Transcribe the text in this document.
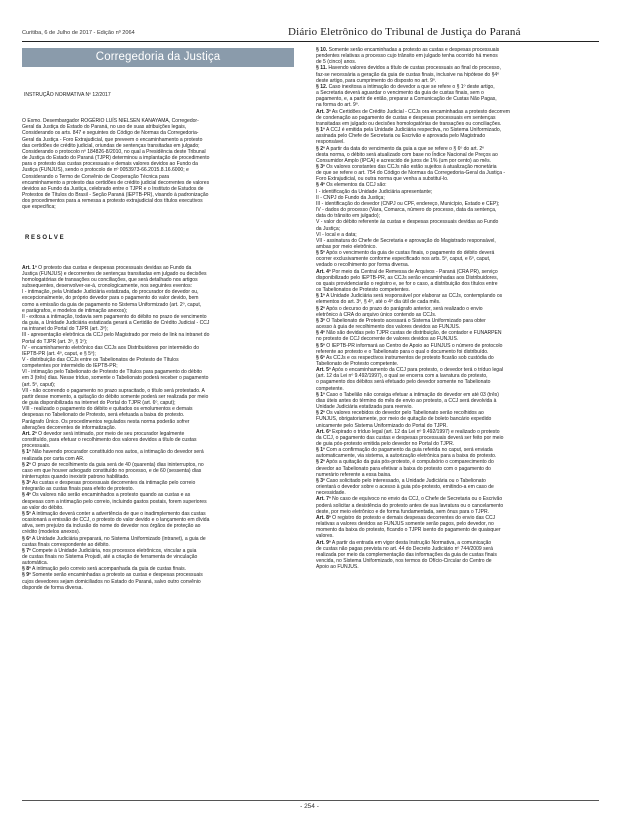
Curitiba, 6 de Julho de 2017 - Edição nº 2064	Diário Eletrônico do Tribunal de Justiça do Paraná
Corregedoria da Justiça

INSTRUÇÃO NORMATIVA Nº 12/2017

O Exmo. Desembargador ROGÉRIO LUÍS NIELSEN KANAYAMA, Corregedor-
Geral da Justiça do Estado do Paraná, no uso de suas atribuições legais,
Considerando os arts. 847 e seguintes do Código de Normas da Corregedoria-
Geral da Justiça - Foro Extrajudicial, que preveem o encaminhamento a protesto
das certidões de crédito judicial, oriundas de sentenças transitadas em julgado;
Considerando o protocolo nº 184826-8/2010, no qual a Presidência deste Tribunal
de Justiça do Estado do Paraná (TJPR) determinou a implantação de procedimento
para o protesto das custas processuais e demais valores devidos ao Fundo da
Justiça (FUNJUS), sendo o protocolo de nº 0053973-66.2015.8.16.6000; e
Considerando o Termo de Convênio de Cooperação Técnica para
encaminhamento a protesto das certidões de crédito judicial decorrentes de valores
devidos ao Fundo da Justiça, celebrado entre o TJPR e o Instituto de Estudos de
Protestos de Títulos do Brasil - Seção Paraná (IEPTB-PR), visando à padronização
dos procedimentos para a remessa a protesto extrajudicial dos títulos executivos
que especifica;

R E S O L V E

Art. 1º O protesto das custas e despesas processuais devidas ao Fundo da
Justiça (FUNJUS) e decorrentes de sentenças transitadas em julgado ou decisões
homologatórias de transações ou conciliações, que será detalhado nos artigos
subsequentes, desenvolver-se-á, cronologicamente, nos seguintes eventos:
I - intimação, pela Unidade Judiciária estatizada, do procurador do devedor ou,
excepcionalmente, do próprio devedor para o pagamento do valor devido, bem
como a emissão da guia de pagamento no Sistema Uniformizado (art. 2º, caput,
e parágrafos, e modelos de intimação anexos);
II - exitosa a intimação, todavia sem pagamento do débito no prazo de vencimento
da guia, a Unidade Judiciária estatizada gerará a Certidão de Crédito Judicial - CCJ
na intranet do Portal do TJPR (art. 3º);
III - apresentação eletrônica da CCJ pelo Magistrado por meio de link na intranet do
Portal do TJPR (art. 3º, § 1º);
IV - encaminhamento eletrônico das CCJs aos Distribuidores por intermédio do
IEPTB-PR (art. 4º, caput, e § 5º);
V - distribuição das CCJs entre os Tabelionatos de Protesto de Títulos
competentes por intermédio do IEPTB-PR;
VI - intimação pelo Tabelionato de Protesto de Títulos para pagamento do débito
em 3 (três) dias. Nesse tríduo, somente o Tabelionato poderá receber o pagamento
(art. 5º, caput);
VII - não ocorrendo o pagamento no prazo supracitado, o título será protestado. A
partir desse momento, a quitação do débito somente poderá ser realizada por meio
de guia disponibilizada na internet do Portal do TJPR (art. 6º, caput);
VIII - realizado o pagamento do débito e quitados os emolumentos e demais
despesas no Tabelionato de Protesto, será efetuada a baixa do protesto.
Parágrafo Único. Os procedimentos regulados nesta norma poderão sofrer
alterações decorrentes de informatização.
Art. 2º O devedor será intimado, por meio de seu procurador legalmente
constituído, para efetuar o recolhimento dos valores devidos a título de custas
processuais.
§ 1º Não havendo procurador constituído nos autos, a intimação do devedor será
realizada por carta com AR.
§ 2º O prazo de recolhimento da guia será de 40 (quarenta) dias ininterruptos, no
caso em que houver advogado constituído no processo, e de 60 (sessenta) dias
ininterruptos quando inexistir patrono habilitado.
§ 3º As custas e despesas processuais decorrentes da intimação pelo correio
integrarão as custas finais para efeito de protesto.
§ 4º Os valores não serão encaminhados a protesto quando as custas e as
despesas com a intimação pelo correio, incluindo gastos postais, forem superiores
ao valor do débito.
§ 5º A intimação deverá conter a advertência de que o inadimplemento das custas
ocasionará a emissão de CCJ, o protesto do valor devido e o lançamento em dívida
ativa, sem prejuízo da inclusão do nome do devedor nos órgãos de proteção ao
crédito (modelos anexos).
§ 6º A Unidade Judiciária preparará, no Sistema Uniformizado (intranet), a guia de
custas finais correspondente ao débito.
§ 7º Compete à Unidade Judiciária, nos processos eletrônicos, vincular a guia
de custas finais no Sistema Projudi, até a criação de ferramenta de vinculação
automática.
§ 8º A intimação pelo correio será acompanhada da guia de custas finais.
§ 9º Somente serão encaminhadas a protesto as custas e despesas processuais
cujos devedores sejam domiciliados no Estado do Paraná, salvo outro convênio
disponde de forma diversa.
§ 10. Somente serão encaminhadas a protesto as custas e despesas processuais
pendentes relativas a processo cujo trânsito em julgado tenha ocorrido há menos
de 5 (cinco) anos.
§ 11. Havendo valores devidos a título de custas processuais ao final do processo,
faz-se necessária a geração da guia de custas finais, inclusive na hipótese do §4º
deste artigo, para cumprimento do disposto no art. 9º.
§ 12. Caso inexitosa a intimação do devedor a que se refere o § 1º deste artigo,
a Secretaria deverá aguardar o vencimento da guia de custas finais, sem o
pagamento, e, a partir de então, preparar a Comunicação de Custas Não Pagas,
na forma do art. 9º.
Art. 3º As Certidões de Crédito Judicial - CCJs ora encaminhadas a protesto decorrem
de condenação ao pagamento de custas e despesas processuais em sentenças
transitadas em julgado ou decisões homologatórias de transações ou conciliações.
§ 1º A CCJ é emitida pela Unidade Judiciária respectiva, no Sistema Uniformizado,
assinada pelo Chefe de Secretaria ou Escrivão e aprovada pelo Magistrado
responsável.
§ 2º A partir da data do vencimento da guia a que se refere o § 6º do art. 2º
desta norma, o débito será atualizado com base no Índice Nacional de Preços ao
Consumidor Amplo (IPCA) e acrescido de juros de 1% (um por cento) ao mês.
§ 3º Os valores constantes das CCJs não estão sujeitos à atualização monetária
de que se refere o art. 754 do Código de Normas da Corregedoria-Geral da Justiça -
Foro Extrajudicial, ou outra norma que venha a substituí-lo.
§ 4º Os elementos da CCJ são:
I - identificação da Unidade Judiciária apresentante;
II - CNPJ do Fundo da Justiça;
III - identificação do devedor (CNPJ ou CPF, endereço, Município, Estado e CEP);
IV - dados do processo (Vara, Comarca, número do processo, data da sentença,
data do trânsito em julgado);
V - valor do débito referente às custas e despesas processuais devidas ao Fundo
da Justiça;
VI - local e a data;
VII - assinatura do Chefe de Secretaria e aprovação do Magistrado responsável,
ambas por meio eletrônico.
§ 5º Após o vencimento da guia de custas finais, o pagamento do débito deverá
ocorrer exclusivamente conforme especificado nos arts. 5º, caput, e 6º, caput,
vedado o recolhimento por forma diversa.
Art. 4º Por meio da Central de Remessa de Arquivos - Paraná (CRA PR), serviço
disponibilizado pelo IEPTB-PR, as CCJs serão encaminhadas aos Distribuidores,
os quais providenciarão o registro e, se for o caso, a distribuição dos títulos entre
os Tabelionatos de Protesto competentes.
§ 1º A Unidade Judiciária será responsável por elaborar as CCJs, contemplando os
elementos do art. 3º, § 4º, até o 4º dia útil de cada mês.
§ 2º Após o decurso do prazo do parágrafo anterior, será realizado o envio
eletrônico à CRA do arquivo único contendo as CCJs.
§ 3º O Tabelionato de Protesto acessará o Sistema Uniformizado para obter
acesso à guia de recolhimento dos valores devidos ao FUNJUS.
§ 4º Não são devidas pelo TJPR custas de distribuição, de contador e FUNARPEN
no protesto de CCJ decorrente de valores devidos ao FUNJUS.
§ 5º O IEPTB-PR informará ao Centro de Apoio ao FUNJUS o número de protocolo
referente ao protesto e o Tabelionato para o qual o documento foi distribuído.
§ 6º As CCJs e os respectivos instrumentos de protesto ficarão sob custódia do
Tabelionato de Protesto competente.
Art. 5º Após o encaminhamento da CCJ para protesto, o devedor terá o tríduo legal
(art. 12 da Lei nº 9.492/1997), o qual se encerra com a lavratura do protesto,
o pagamento dos débitos será efetuado pelo devedor somente no Tabelionato
competente.
§ 1º Caso o Tabelião não consiga efetuar a intimação do devedor em até 03 (três)
dias úteis antes do término do mês de envio ao protesto, a CCJ será devolvida à
Unidade Judiciária estatizada para reenvio.
§ 2º Os valores recebidos do devedor pelo Tabelionato serão recolhidos ao
FUNJUS, obrigatoriamente, por meio de quitação de boleto bancário expedido
unicamente pelo Sistema Uniformizado do Portal do TJPR.
Art. 6º Expirado o tríduo legal (art. 12 da Lei nº 9.492/1997) e realizado o protesto
da CCJ, o pagamento das custas e despesas processuais deverá ser feito por meio
de guia pós-protesto emitida pelo devedor no Portal do TJPR.
§ 1º Com a confirmação do pagamento da guia referida no caput, será enviada
automaticamente, via sistema, a autorização eletrônica para a baixa do protesto.
§ 2º Após a quitação da guia pós-protesto, é compulsório o comparecimento do
devedor ao Tabelionato para efetivar a baixa do protesto com o pagamento do
numerário referente a essa baixa.
§ 3º Caso solicitado pelo interessado, a Unidade Judiciária ou o Tabelionato
orientará o devedor sobre o acesso à guia pós-protesto, emitindo-a em caso de
necessidade.
Art. 7º No caso de equívoco no envio da CCJ, o Chefe de Secretaria ou o Escrivão
poderá solicitar a desistência do protesto antes de sua lavratura ou o cancelamento
deste, por meio eletrônico e de forma fundamentada, sem ônus para o TJPR.
Art. 8º O registro do protesto e demais despesas decorrentes do envio das CCJ
relativas a valores devidos ao FUNJUS somente serão pagos, pelo devedor, no
momento da baixa do protesto, ficando o TJPR isento do pagamento de quaisquer
valores.
Art. 9º A partir da entrada em vigor desta Instrução Normativa, a comunicação
de custas não pagas prevista no art. 44 do Decreto Judiciário nº 744/2009 será
realizada por meio da complementação das informações da guia de custas finais
vencida, no Sistema Uniformizado, nos termos do Ofício-Circular do Centro de
Apoio ao FUNJUS.
- 254 -
